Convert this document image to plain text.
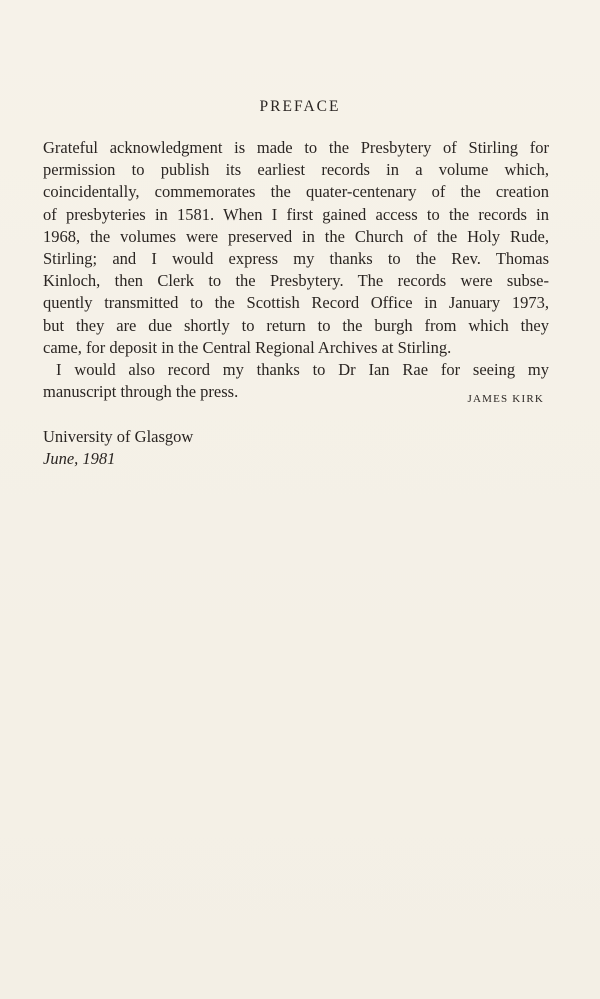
PREFACE
Grateful acknowledgment is made to the Presbytery of Stirling for
permission to publish its earliest records in a volume which,
coincidentally, commemorates the quater-centenary of the creation
of presbyteries in 1581. When I first gained access to the records in
1968, the volumes were preserved in the Church of the Holy Rude,
Stirling; and I would express my thanks to the Rev. Thomas
Kinloch, then Clerk to the Presbytery. The records were subse-
quently transmitted to the Scottish Record Office in January 1973,
but they are due shortly to return to the burgh from which they
came, for deposit in the Central Regional Archives at Stirling.
I would also record my thanks to Dr Ian Rae for seeing my
manuscript through the press.	JAMES KIRK
University of Glasgow
June, 1981
